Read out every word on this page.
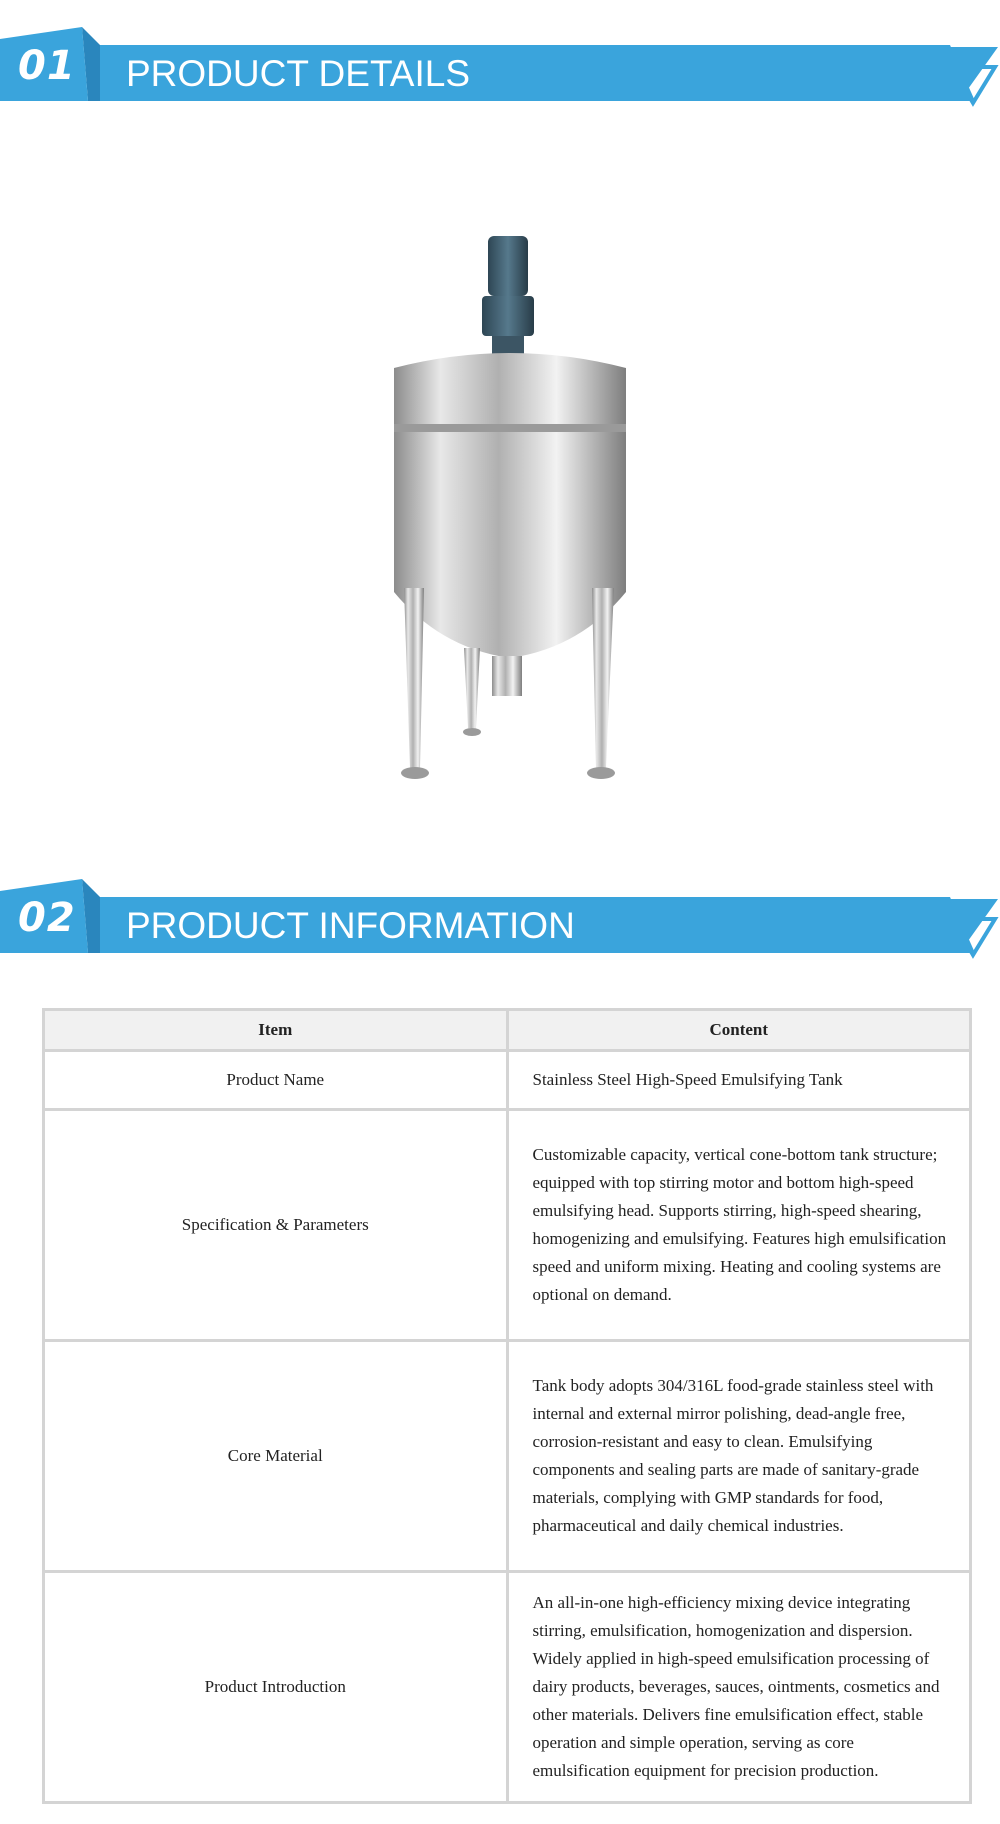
01 PRODUCT DETAILS
02 PRODUCT INFORMATION
Item	Content
Product Name	Stainless Steel High-Speed Emulsifying Tank
Specification & Parameters	Customizable capacity, vertical cone-bottom tank structure; equipped with top stirring motor and bottom high-speed emulsifying head. Supports stirring, high-speed shearing, homogenizing and emulsifying. Features high emulsification speed and uniform mixing. Heating and cooling systems are optional on demand.
Core Material	Tank body adopts 304/316L food-grade stainless steel with internal and external mirror polishing, dead-angle free, corrosion-resistant and easy to clean. Emulsifying components and sealing parts are made of sanitary-grade materials, complying with GMP standards for food, pharmaceutical and daily chemical industries.
Product Introduction	An all-in-one high-efficiency mixing device integrating stirring, emulsification, homogenization and dispersion. Widely applied in high-speed emulsification processing of dairy products, beverages, sauces, ointments, cosmetics and other materials. Delivers fine emulsification effect, stable operation and simple operation, serving as core emulsification equipment for precision production.
